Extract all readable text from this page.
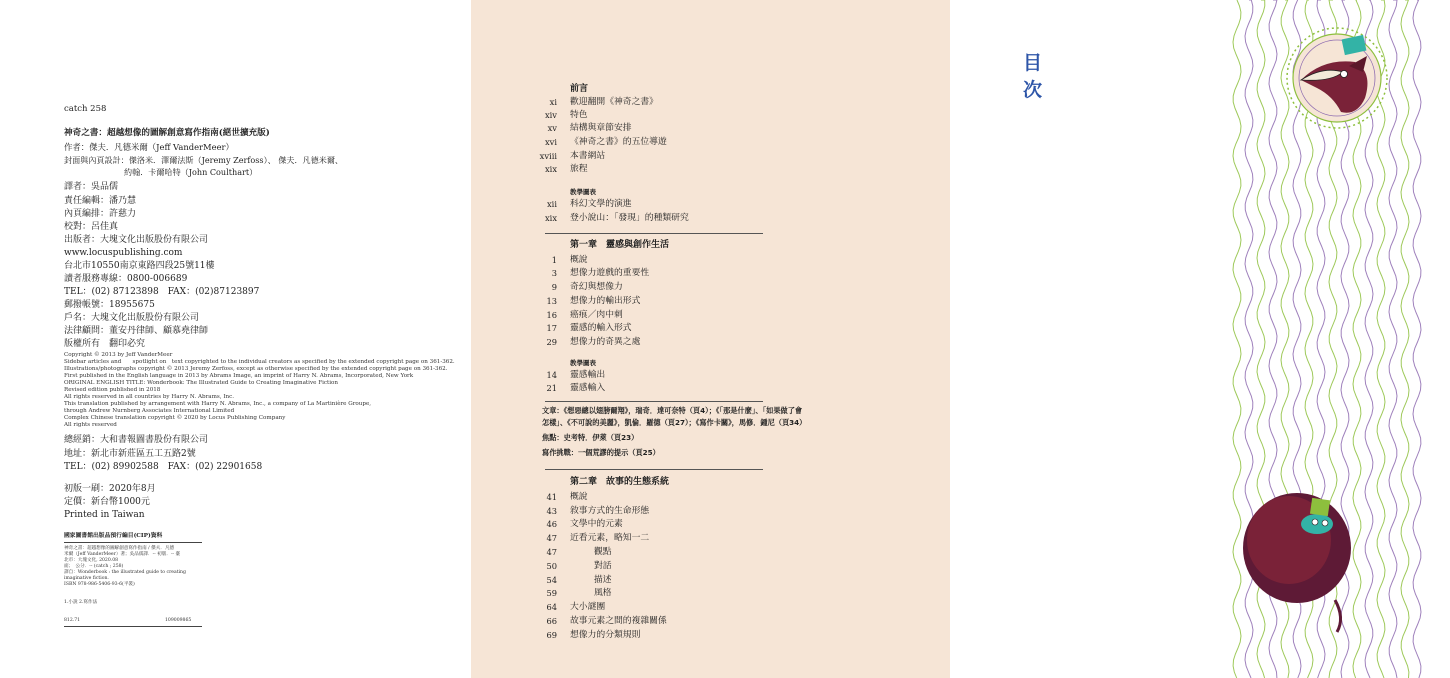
catch 258
神奇之書：超越想像的圖解創意寫作指南(絕世擴充版)
作者：傑夫．凡德米爾（Jeff VanderMeer）
封面與內頁設計：傑洛米．澤爾法斯（Jeremy Zerfoss）、 傑夫．凡德米爾、
約翰．卡爾哈特（John Coulthart）
譯者：吳品儒
責任編輯：潘乃慧
內頁編排：許慈力
校對：呂佳真
出版者：大塊文化出版股份有限公司
www.locuspublishing.com
台北市10550南京東路四段25號11樓
讀者服務專線：0800-006689
TEL：(02) 87123898　FAX：(02)87123897
郵撥帳號：18955675
戶名：大塊文化出版股份有限公司
法律顧問：董安丹律師、顧慕堯律師
版權所有　翻印必究
Copyright © 2013 by Jeff VanderMeer
Sidebar articles and　　spotlight on　text copyrighted to the individual creators as specified by the extended copyright page on 361-362.
Illustrations/photographs copyright © 2013 Jeremy Zerfoss, except as otherwise specified by the extended copyright page on 361-362.
First published in the English language in 2013 by Abrams Image, an imprint of Harry N. Abrams, Incorporated, New York
ORIGINAL ENGLISH TITLE: Wonderbook: The Illustrated Guide to Creating Imaginative Fiction
Revised edition published in 2018
All rights reserved in all countries by Harry N. Abrams, Inc.
This translation published by arrangement with Harry N. Abrams, Inc., a company of La Martinière Groupe,
through Andrew Nurnberg Associates International Limited
Complex Chinese translation copyright © 2020 by Locus Publishing Company
All rights reserved
總經銷：大和書報圖書股份有限公司
地址：新北市新莊區五工五路2號
TEL：(02) 89902588　FAX：(02) 22901658
初版一刷：2020年8月
定價：新台幣1000元
Printed in Taiwan
國家圖書館出版品預行編目(CIP)資料
神奇之書：超越想像的圖解創意寫作指南 / 傑夫．凡德
米爾（Jeff VanderMeer）著；吳品儒譯．-- 初版．-- 臺
北市：大塊文化, 2020.08
面；　公分．-- (catch ; 258)
譯自：Wonderbook : the illustrated guide to creating
imaginative fiction.
ISBN 978-986-5406-93-6(平裝)
1.小說 2.寫作法
812.71	109009865
目次
前言
xi 歡迎翻開《神奇之書》
xiv 特色
xv 結構與章節安排
xvi 《神奇之書》的五位導遊
xviii 本書網站
xix 旅程
教學圖表
xii 科幻文學的演進
xix 登小說山：「發現」的種類研究
第一章　靈感與創作生活
1 概說
3 想像力遊戲的重要性
9 奇幻與想像力
13 想像力的輸出形式
16 癌痕／肉中刺
17 靈感的輸入形式
29 想像力的奇異之處
教學圖表
14 靈感輸出
21 靈感輸入
文章：《想惡總以翅膀爾翔》，瑞奇．達可奈特（頁4）；《「那是什麼」、「如果做了會
怎樣」、《不可說的美麗》，凱倫．羅德（頁27）；《寫作卡關》，馬修．鍾尼（頁34）
焦點：史考特．伊萊（頁23）
寫作挑戰：一個荒謬的提示（頁25）
第二章　故事的生態系統
41 概說
43 敘事方式的生命形態
46 文學中的元素
47 近看元素，略知一二
47	觀點
50	對話
54	描述
59	風格
64 大小謎團
66 故事元素之間的複雜關係
69 想像力的分類規則
